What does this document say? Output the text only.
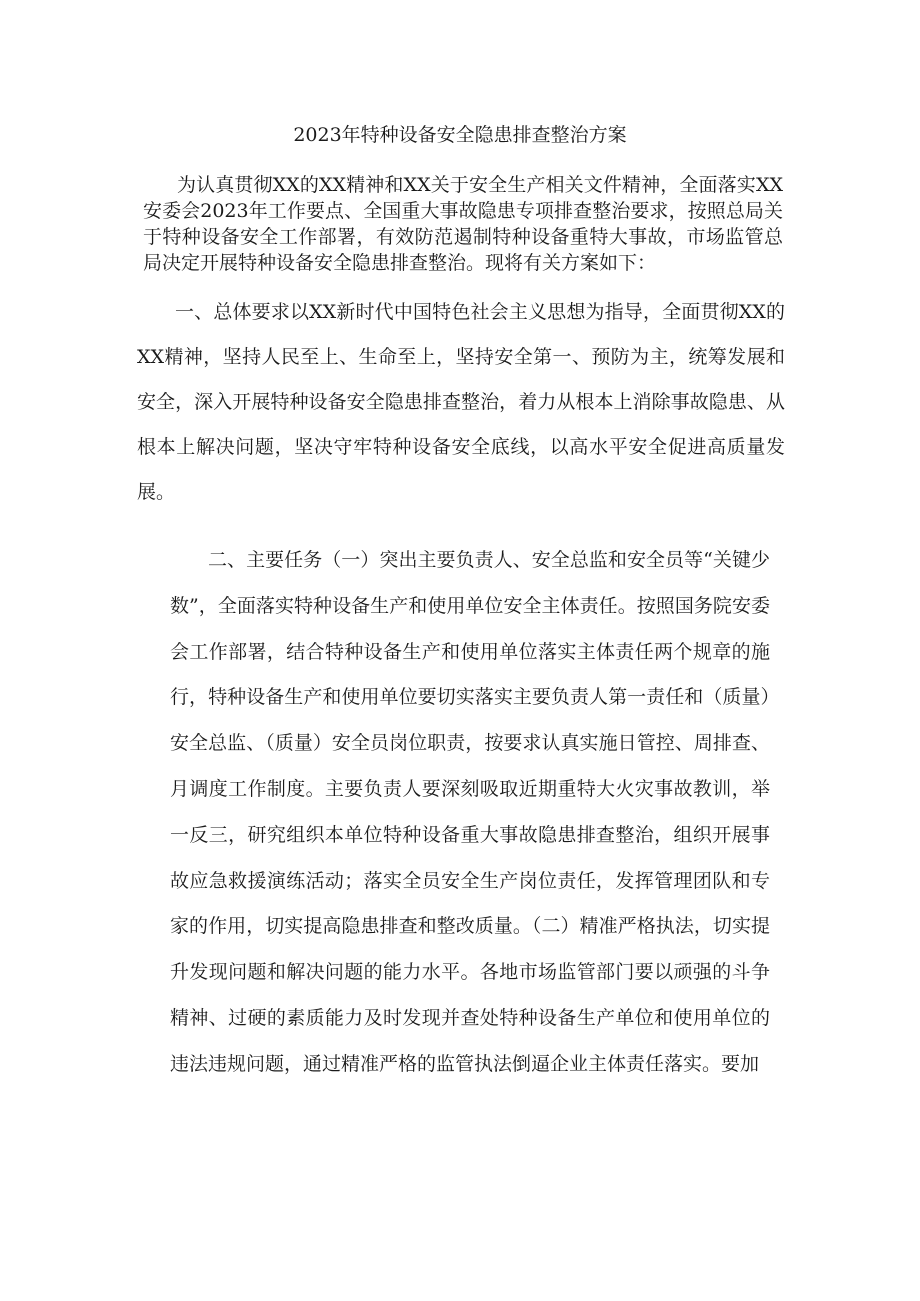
2023年特种设备安全隐患排查整治方案

为认真贯彻XX的XX精神和XX关于安全生产相关文件精神，全面落实XX安委会2023年工作要点、全国重大事故隐患专项排查整治要求，按照总局关于特种设备安全工作部署，有效防范遏制特种设备重特大事故，市场监管总局决定开展特种设备安全隐患排查整治。现将有关方案如下：

一、总体要求以XX新时代中国特色社会主义思想为指导，全面贯彻XX的XX精神，坚持人民至上、生命至上，坚持安全第一、预防为主，统筹发展和安全，深入开展特种设备安全隐患排查整治，着力从根本上消除事故隐患、从根本上解决问题，坚决守牢特种设备安全底线，以高水平安全促进高质量发展。

二、主要任务（一）突出主要负责人、安全总监和安全员等“关键少数”，全面落实特种设备生产和使用单位安全主体责任。按照国务院安委会工作部署，结合特种设备生产和使用单位落实主体责任两个规章的施行，特种设备生产和使用单位要切实落实主要负责人第一责任和（质量）安全总监、（质量）安全员岗位职责，按要求认真实施日管控、周排查、月调度工作制度。主要负责人要深刻吸取近期重特大火灾事故教训，举一反三，研究组织本单位特种设备重大事故隐患排查整治，组织开展事故应急救援演练活动；落实全员安全生产岗位责任，发挥管理团队和专家的作用，切实提高隐患排查和整改质量。（二）精准严格执法，切实提升发现问题和解决问题的能力水平。各地市场监管部门要以顽强的斗争精神、过硬的素质能力及时发现并查处特种设备生产单位和使用单位的违法违规问题，通过精准严格的监管执法倒逼企业主体责任落实。要加
